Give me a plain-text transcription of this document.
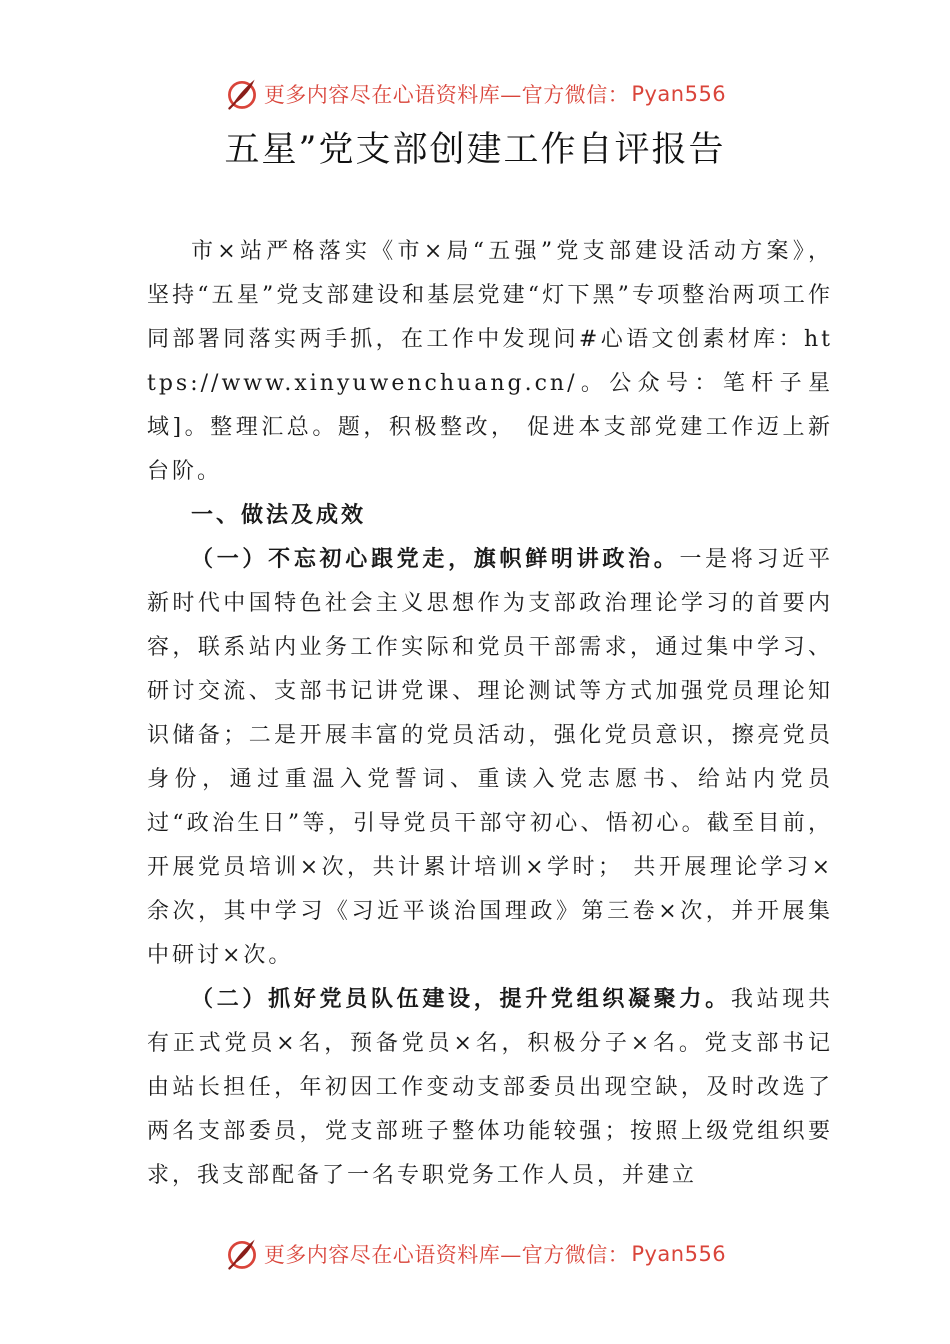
更多内容尽在心语资料库—官方微信： Pyan556
五星”党支部创建工作自评报告

市×站严格落实《市×局“五强”党支部建设活动方案》， 坚持“五星”党支部建设和基层党建“灯下黑”专项整治两项工作同部署同落实两手抓，在工作中发现问#心语文创素材库：https://www.xinyuwenchuang.cn/。公众号：笔杆子星域]。整理汇总。题，积极整改， 促进本支部党建工作迈上新台阶。

一、做法及成效

（一）不忘初心跟党走，旗帜鲜明讲政治。一是将习近平新时代中国特色社会主义思想作为支部政治理论学习的首要内容，联系站内业务工作实际和党员干部需求，通过集中学习、研讨交流、支部书记讲党课、理论测试等方式加强党员理论知识储备；二是开展丰富的党员活动，强化党员意识，擦亮党员身份，通过重温入党誓词、重读入党志愿书、给站内党员过“政治生日”等，引导党员干部守初心、悟初心。截至目前，开展党员培训×次，共计累计培训×学时； 共开展理论学习×余次，其中学习《习近平谈治国理政》第三卷×次，并开展集中研讨×次。

（二）抓好党员队伍建设，提升党组织凝聚力。我站现共有正式党员×名，预备党员×名，积极分子×名。党支部书记由站长担任，年初因工作变动支部委员出现空缺，及时改选了两名支部委员，党支部班子整体功能较强；按照上级党组织要求，我支部配备了一名专职党务工作人员，并建立

更多内容尽在心语资料库—官方微信： Pyan556
